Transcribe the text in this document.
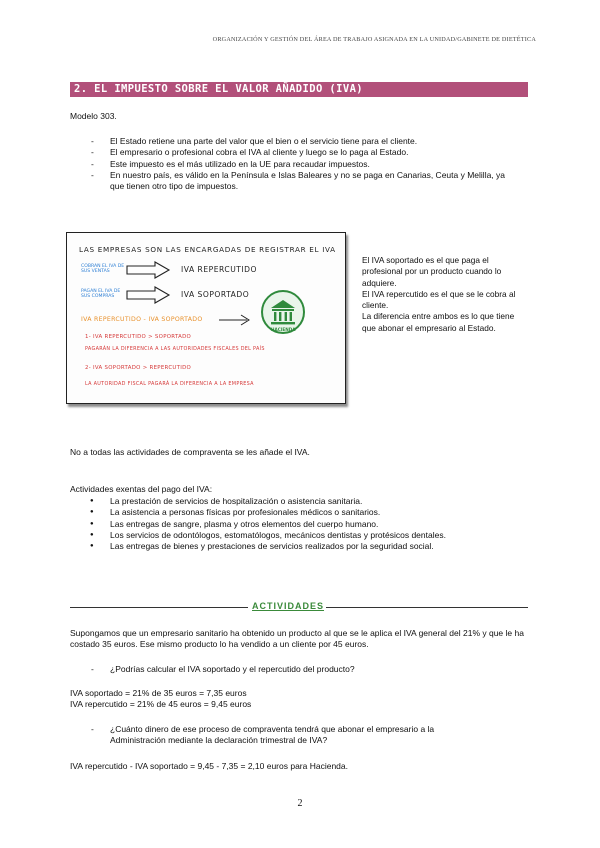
ORGANIZACIÓN Y GESTIÓN DEL ÁREA DE TRABAJO ASIGNADA EN LA UNIDAD/GABINETE DE DIETÉTICA
2. EL IMPUESTO SOBRE EL VALOR AÑADIDO (IVA)
Modelo 303.
- El Estado retiene una parte del valor que el bien o el servicio tiene para el cliente.
- El empresario o profesional cobra el IVA al cliente y luego se lo paga al Estado.
- Este impuesto es el más utilizado en la UE para recaudar impuestos.
- En nuestro país, es válido en la Península e Islas Baleares y no se paga en Canarias, Ceuta y Melilla, ya que tienen otro tipo de impuestos.
LAS EMPRESAS SON LAS ENCARGADAS DE REGISTRAR EL IVA
COBRAN EL IVA DE SUS VENTAS	IVA REPERCUTIDO
PAGAN EL IVA DE SUS COMPRAS	IVA SOPORTADO
IVA REPERCUTIDO - IVA SOPORTADO
HACIENDA
1- IVA REPERCUTIDO > SOPORTADO
PAGARÁN LA DIFERENCIA A LAS AUTORIDADES FISCALES DEL PAÍS
2- IVA SOPORTADO > REPERCUTIDO
LA AUTORIDAD FISCAL PAGARÁ LA DIFERENCIA A LA EMPRESA
El IVA soportado es el que paga el profesional por un producto cuando lo adquiere.
El IVA repercutido es el que se le cobra al cliente.
La diferencia entre ambos es lo que tiene que abonar el empresario al Estado.
No a todas las actividades de compraventa se les añade el IVA.
Actividades exentas del pago del IVA:
● La prestación de servicios de hospitalización o asistencia sanitaria.
● La asistencia a personas físicas por profesionales médicos o sanitarios.
● Las entregas de sangre, plasma y otros elementos del cuerpo humano.
● Los servicios de odontólogos, estomatólogos, mecánicos dentistas y protésicos dentales.
● Las entregas de bienes y prestaciones de servicios realizados por la seguridad social.
ACTIVIDADES
Supongamos que un empresario sanitario ha obtenido un producto al que se le aplica el IVA general del 21% y que le ha costado 35 euros. Ese mismo producto lo ha vendido a un cliente por 45 euros.
- ¿Podrías calcular el IVA soportado y el repercutido del producto?
IVA soportado = 21% de 35 euros = 7,35 euros
IVA repercutido = 21% de 45 euros = 9,45 euros
- ¿Cuánto dinero de ese proceso de compraventa tendrá que abonar el empresario a la Administración mediante la declaración trimestral de IVA?
IVA repercutido - IVA soportado = 9,45 - 7,35 = 2,10 euros para Hacienda.
2
